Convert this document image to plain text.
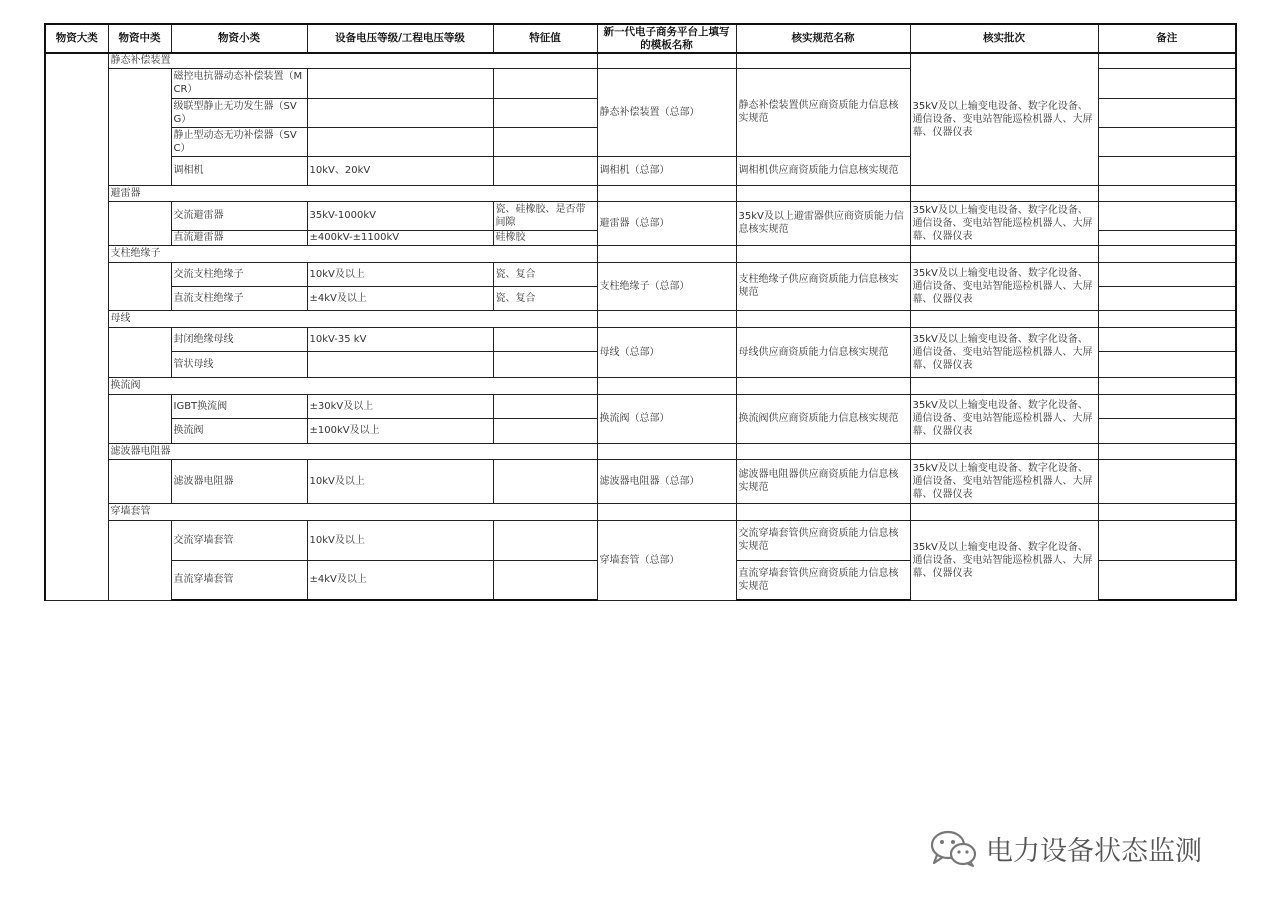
物资大类	物资中类	物资小类	设备电压等级/工程电压等级	特征值	新一代电子商务平台上填写的模板名称	核实规范名称	核实批次	备注
	静态补偿装置						35kV及以上输变电设备、数字化设备、通信设备、变电站智能巡检机器人、大屏幕、仪器仪表	
		磁控电抗器动态补偿装置（MCR）			静态补偿装置（总部）	静态补偿装置供应商资质能力信息核实规范		
		级联型静止无功发生器（SVG）						
		静止型动态无功补偿器（SVC）						
		调相机	10kV、20kV		调相机（总部）	调相机供应商资质能力信息核实规范		
	避雷器							
		交流避雷器	35kV-1000kV	瓷、硅橡胶、是否带间隙	避雷器（总部）	35kV及以上避雷器供应商资质能力信息核实规范	35kV及以上输变电设备、数字化设备、通信设备、变电站智能巡检机器人、大屏幕、仪器仪表	
		直流避雷器	±400kV-±1100kV	硅橡胶				
	支柱绝缘子							
		交流支柱绝缘子	10kV及以上	瓷、复合	支柱绝缘子（总部）	支柱绝缘子供应商资质能力信息核实规范	35kV及以上输变电设备、数字化设备、通信设备、变电站智能巡检机器人、大屏幕、仪器仪表	
		直流支柱绝缘子	±4kV及以上	瓷、复合				
	母线							
		封闭绝缘母线	10kV-35 kV		母线（总部）	母线供应商资质能力信息核实规范	35kV及以上输变电设备、数字化设备、通信设备、变电站智能巡检机器人、大屏幕、仪器仪表	
		管状母线						
	换流阀							
		IGBT换流阀	±30kV及以上		换流阀（总部）	换流阀供应商资质能力信息核实规范	35kV及以上输变电设备、数字化设备、通信设备、变电站智能巡检机器人、大屏幕、仪器仪表	
		换流阀	±100kV及以上					
	滤波器电阻器							
		滤波器电阻器	10kV及以上		滤波器电阻器（总部）	滤波器电阻器供应商资质能力信息核实规范	35kV及以上输变电设备、数字化设备、通信设备、变电站智能巡检机器人、大屏幕、仪器仪表	
	穿墙套管							
		交流穿墙套管	10kV及以上		穿墙套管（总部）	交流穿墙套管供应商资质能力信息核实规范	35kV及以上输变电设备、数字化设备、通信设备、变电站智能巡检机器人、大屏幕、仪器仪表	
		直流穿墙套管	±4kV及以上			直流穿墙套管供应商资质能力信息核实规范		
电力设备状态监测
